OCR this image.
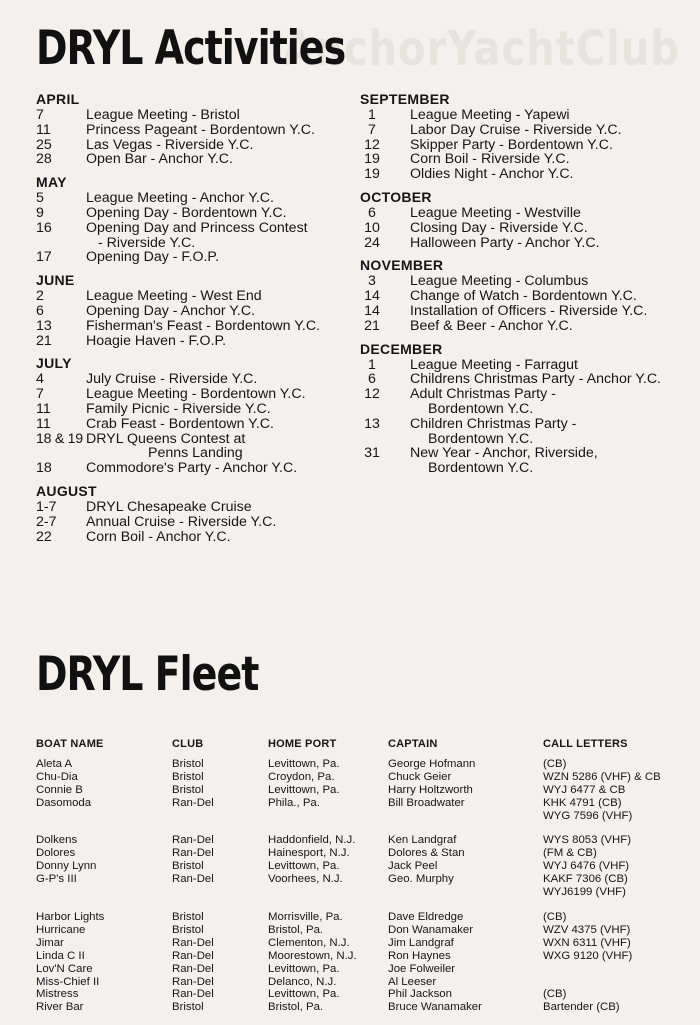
AnchorYachtClub
DRYL Activities
APRIL
7	League Meeting - Bristol
11	Princess Pageant - Bordentown Y.C.
25	Las Vegas - Riverside Y.C.
28	Open Bar - Anchor Y.C.
MAY
5	League Meeting - Anchor Y.C.
9	Opening Day - Bordentown Y.C.
16	Opening Day and Princess Contest
- Riverside Y.C.
17	Opening Day - F.O.P.
JUNE
2	League Meeting - West End
6	Opening Day - Anchor Y.C.
13	Fisherman's Feast - Bordentown Y.C.
21	Hoagie Haven - F.O.P.
JULY
4	July Cruise - Riverside Y.C.
7	League Meeting - Bordentown Y.C.
11	Family Picnic - Riverside Y.C.
11	Crab Feast - Bordentown Y.C.
18 & 19 DRYL Queens Contest at
Penns Landing
18	Commodore's Party - Anchor Y.C.
AUGUST
1-7	DRYL Chesapeake Cruise
2-7	Annual Cruise - Riverside Y.C.
22	Corn Boil - Anchor Y.C.
SEPTEMBER
1	League Meeting - Yapewi
7	Labor Day Cruise - Riverside Y.C.
12 Skipper Party - Bordentown Y.C.
19 Corn Boil - Riverside Y.C.
19 Oldies Night - Anchor Y.C.
OCTOBER
6	League Meeting - Westville
10 Closing Day - Riverside Y.C.
24 Halloween Party - Anchor Y.C.
NOVEMBER
3	League Meeting - Columbus
14 Change of Watch - Bordentown Y.C.
14 Installation of Officers - Riverside Y.C.
21 Beef & Beer - Anchor Y.C.
DECEMBER
1	League Meeting - Farragut
6	Childrens Christmas Party - Anchor Y.C.
12 Adult Christmas Party -
Bordentown Y.C.
13 Children Christmas Party -
Bordentown Y.C.
31 New Year - Anchor, Riverside,
Bordentown Y.C.
DRYL Fleet
BOAT NAME	CLUB	HOME PORT	CAPTAIN	CALL LETTERS
Aleta A	Bristol	Levittown, Pa.	George Hofmann	(CB)
Chu-Dia	Bristol	Croydon, Pa.	Chuck Geier	WZN 5286 (VHF) & CB
Connie B	Bristol	Levittown, Pa.	Harry Holtzworth	WYJ 6477 & CB
Dasomoda	Ran-Del	Phila., Pa.	Bill Broadwater	KHK 4791 (CB)
				WYG 7596 (VHF)

Dolkens	Ran-Del	Haddonfield, N.J.	Ken Landgraf	WYS 8053 (VHF)
Dolores	Ran-Del	Hainesport, N.J.	Dolores & Stan	(FM & CB)
Donny Lynn	Bristol	Levittown, Pa.	Jack Peel	WYJ 6476 (VHF)
G-P's III	Ran-Del	Voorhees, N.J.	Geo. Murphy	KAKF 7306 (CB)
				WYJ6199 (VHF)

Harbor Lights	Bristol	Morrisville, Pa.	Dave Eldredge	(CB)
Hurricane	Bristol	Bristol, Pa.	Don Wanamaker	WZV 4375 (VHF)
Jimar	Ran-Del	Clementon, N.J.	Jim Landgraf	WXN 6311 (VHF)
Linda C II	Ran-Del	Moorestown, N.J.	Ron Haynes	WXG 9120 (VHF)
Lov'N Care	Ran-Del	Levittown, Pa.	Joe Folweiler	
Miss-Chief II	Ran-Del	Delanco, N.J.	Al Leeser	
Mistress	Ran-Del	Levittown, Pa.	Phil Jackson	(CB)
River Bar	Bristol	Bristol, Pa.	Bruce Wanamaker	Bartender (CB)
